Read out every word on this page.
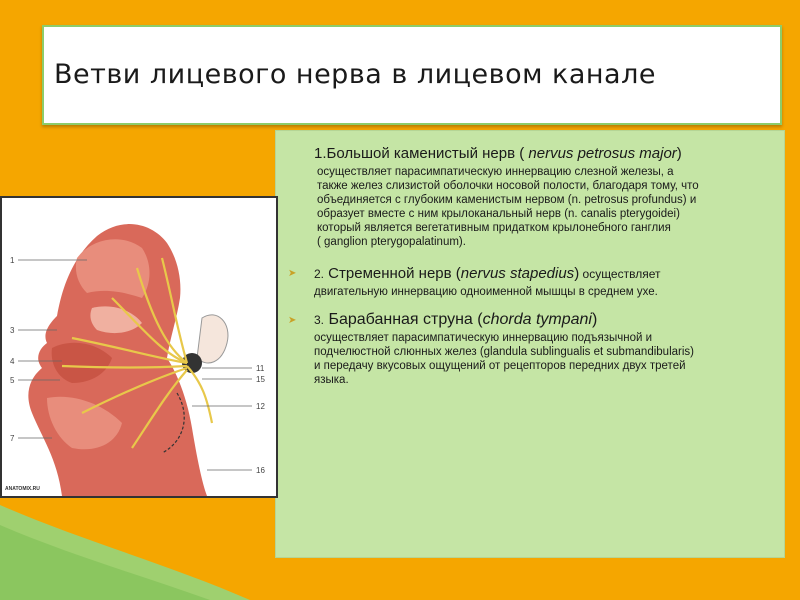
Ветви лицевого нерва в лицевом канале
1.Большой каменистый нерв ( nervus petrosus major)
осуществляет парасимпатическую иннервацию слезной железы, а
также желез слизистой оболочки носовой полости, благодаря тому, что
объединяется с глубоким каменистым нервом (n. petrosus profundus) и
образует вместе с ним крылоканальный нерв (n. canalis pterygoidei)
который является вегетативным придатком крылонебного ганглия
( ganglion pterygopalatinum).
➤ 2. Стременной нерв (nervus stapedius) осуществляет
двигательную иннервацию одноименной мышцы в среднем ухе.
➤ 3. Барабанная струна (chorda tympani)
осуществляет парасимпатическую иннервацию подъязычной и
подчелюстной слюнных желез (glandula sublingualis et submandibularis)
и передачу вкусовых ощущений от рецепторов передних двух третей
языка.
1
3
4
5
7
11
15
12
16
ANATOMIX.RU
